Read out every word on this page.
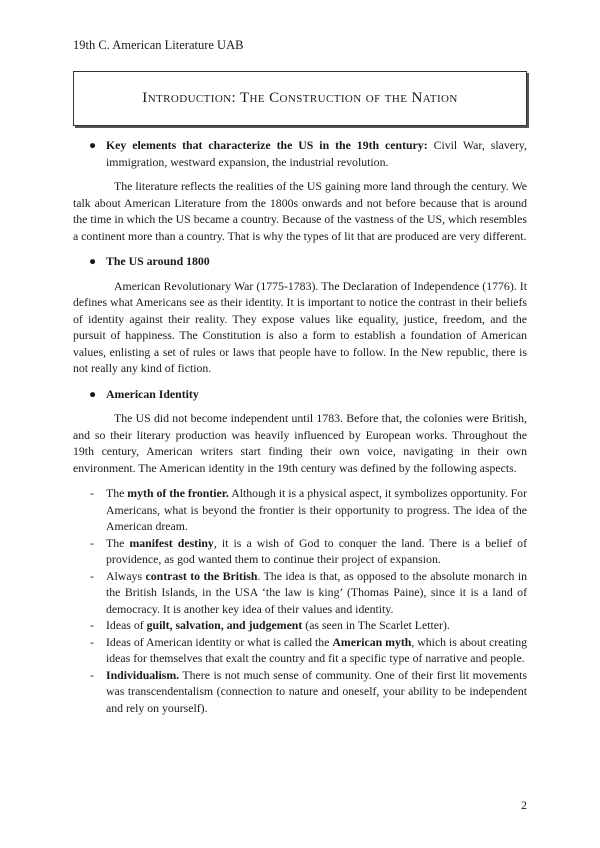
19th C. American Literature UAB
Introduction: The Construction of the Nation
● Key elements that characterize the US in the 19th century: Civil War, slavery, immigration, westward expansion, the industrial revolution.

The literature reflects the realities of the US gaining more land through the century. We talk about American Literature from the 1800s onwards and not before because that is around the time in which the US became a country. Because of the vastness of the US, which resembles a continent more than a country. That is why the types of lit that are produced are very different.

● The US around 1800

American Revolutionary War (1775-1783). The Declaration of Independence (1776). It defines what Americans see as their identity. It is important to notice the contrast in their beliefs of identity against their reality. They expose values like equality, justice, freedom, and the pursuit of happiness. The Constitution is also a form to establish a foundation of American values, enlisting a set of rules or laws that people have to follow. In the New republic, there is not really any kind of fiction.

● American Identity

The US did not become independent until 1783. Before that, the colonies were British, and so their literary production was heavily influenced by European works. Throughout the 19th century, American writers start finding their own voice, navigating in their own environment. The American identity in the 19th century was defined by the following aspects.

-	The myth of the frontier. Although it is a physical aspect, it symbolizes opportunity. For Americans, what is beyond the frontier is their opportunity to progress. The idea of the American dream.
-	The manifest destiny, it is a wish of God to conquer the land. There is a belief of providence, as god wanted them to continue their project of expansion.
-	Always contrast to the British. The idea is that, as opposed to the absolute monarch in the British Islands, in the USA ‘the law is king’ (Thomas Paine), since it is a land of democracy. It is another key idea of their values and identity.
-	Ideas of guilt, salvation, and judgement (as seen in The Scarlet Letter).
-	Ideas of American identity or what is called the American myth, which is about creating ideas for themselves that exalt the country and fit a specific type of narrative and people.
-	Individualism. There is not much sense of community. One of their first lit movements was transcendentalism (connection to nature and oneself, your ability to be independent and rely on yourself).
2
